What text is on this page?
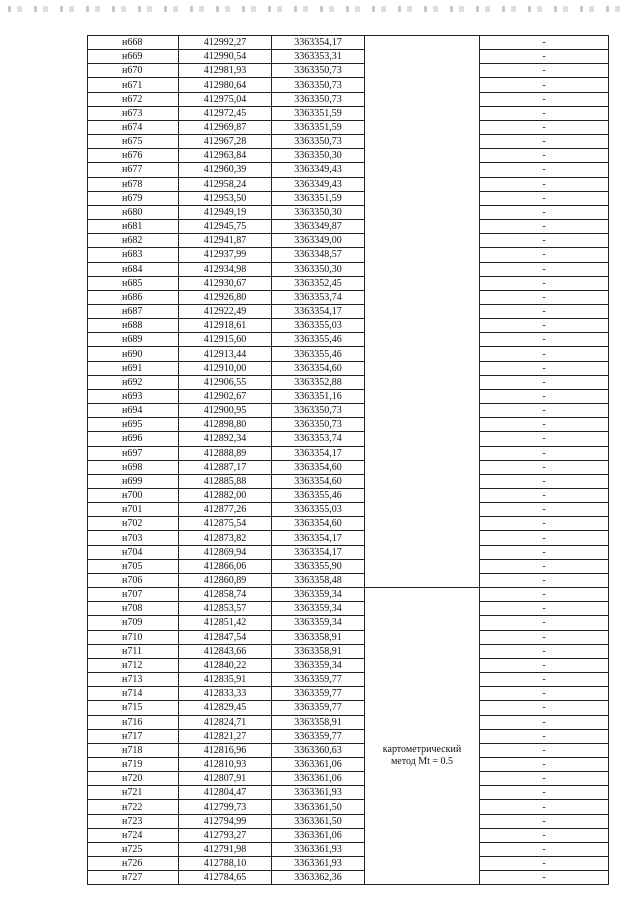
н668	412992,27	3363354,17		-
н669	412990,54	3363353,31		-
н670	412981,93	3363350,73		-
н671	412980,64	3363350,73		-
н672	412975,04	3363350,73		-
н673	412972,45	3363351,59		-
н674	412969,87	3363351,59		-
н675	412967,28	3363350,73		-
н676	412963,84	3363350,30		-
н677	412960,39	3363349,43		-
н678	412958,24	3363349,43		-
н679	412953,50	3363351,59		-
н680	412949,19	3363350,30		-
н681	412945,75	3363349,87		-
н682	412941,87	3363349,00		-
н683	412937,99	3363348,57		-
н684	412934,98	3363350,30		-
н685	412930,67	3363352,45		-
н686	412926,80	3363353,74		-
н687	412922,49	3363354,17		-
н688	412918,61	3363355,03		-
н689	412915,60	3363355,46		-
н690	412913,44	3363355,46		-
н691	412910,00	3363354,60		-
н692	412906,55	3363352,88		-
н693	412902,67	3363351,16		-
н694	412900,95	3363350,73		-
н695	412898,80	3363350,73		-
н696	412892,34	3363353,74		-
н697	412888,89	3363354,17		-
н698	412887,17	3363354,60		-
н699	412885,88	3363354,60		-
н700	412882,00	3363355,46		-
н701	412877,26	3363355,03		-
н702	412875,54	3363354,60		-
н703	412873,82	3363354,17		-
н704	412869,94	3363354,17		-
н705	412866,06	3363355,90		-
н706	412860,89	3363358,48		-
н707	412858,74	3363359,34	картометрический
метод Mt = 0.5	-
н708	412853,57	3363359,34		-
н709	412851,42	3363359,34		-
н710	412847,54	3363358,91		-
н711	412843,66	3363358,91		-
н712	412840,22	3363359,34		-
н713	412835,91	3363359,77		-
н714	412833,33	3363359,77		-
н715	412829,45	3363359,77		-
н716	412824,71	3363358,91		-
н717	412821,27	3363359,77		-
н718	412816,96	3363360,63		-
н719	412810,93	3363361,06		-
н720	412807,91	3363361,06		-
н721	412804,47	3363361,93		-
н722	412799,73	3363361,50		-
н723	412794,99	3363361,50		-
н724	412793,27	3363361,06		-
н725	412791,98	3363361,93		-
н726	412788,10	3363361,93		-
н727	412784,65	3363362,36		-
